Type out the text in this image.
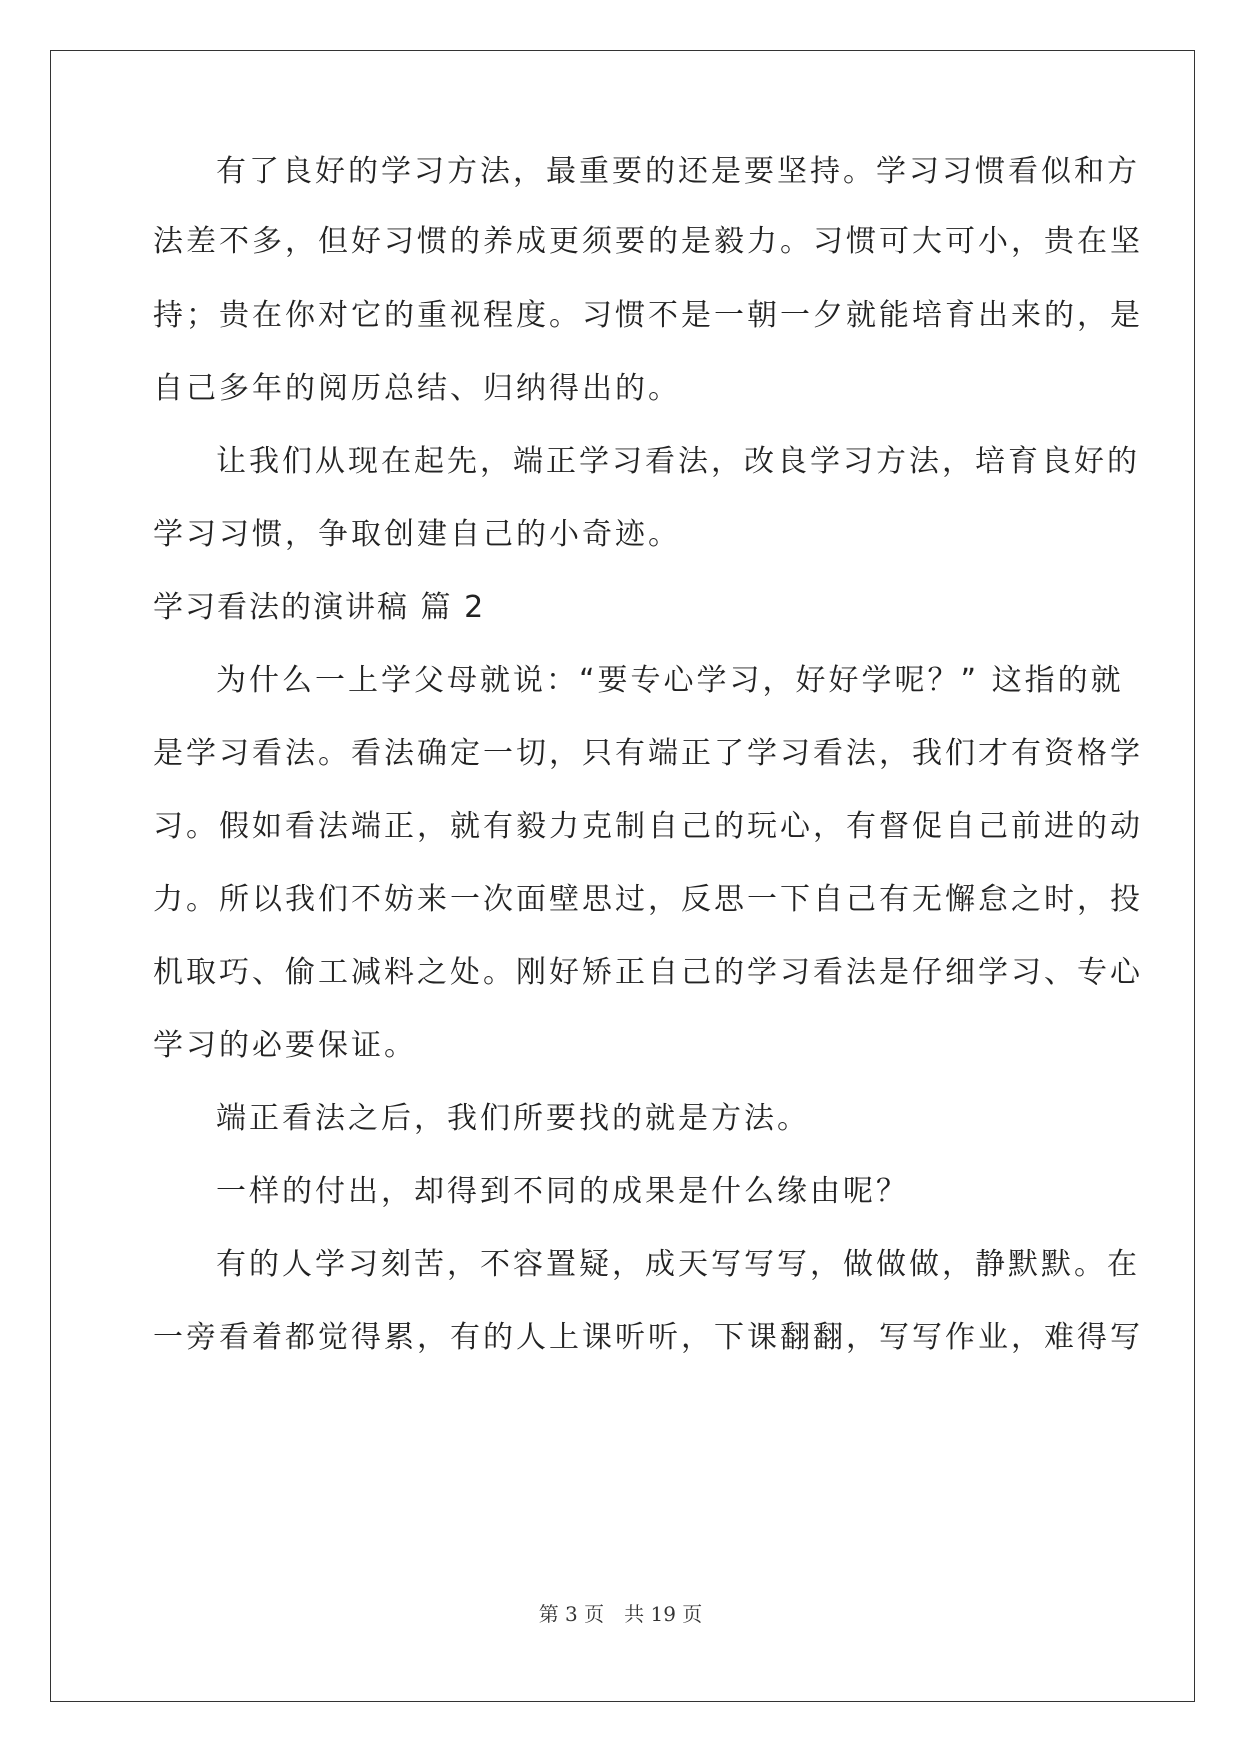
有了良好的学习方法，最重要的还是要坚持。学习习惯看似和方
法差不多，但好习惯的养成更须要的是毅力。习惯可大可小，贵在坚
持；贵在你对它的重视程度。习惯不是一朝一夕就能培育出来的，是
自己多年的阅历总结、归纳得出的。
让我们从现在起先，端正学习看法，改良学习方法，培育良好的
学习习惯，争取创建自己的小奇迹。
学习看法的演讲稿 篇 2
为什么一上学父母就说：“要专心学习，好好学呢？” 这指的就
是学习看法。看法确定一切，只有端正了学习看法，我们才有资格学
习。假如看法端正，就有毅力克制自己的玩心，有督促自己前进的动
力。所以我们不妨来一次面壁思过，反思一下自己有无懈怠之时，投
机取巧、偷工减料之处。刚好矫正自己的学习看法是仔细学习、专心
学习的必要保证。
端正看法之后，我们所要找的就是方法。
一样的付出，却得到不同的成果是什么缘由呢？
有的人学习刻苦，不容置疑，成天写写写，做做做，静默默。在
一旁看着都觉得累，有的人上课听听，下课翻翻，写写作业，难得写
第 3 页　共 19 页
